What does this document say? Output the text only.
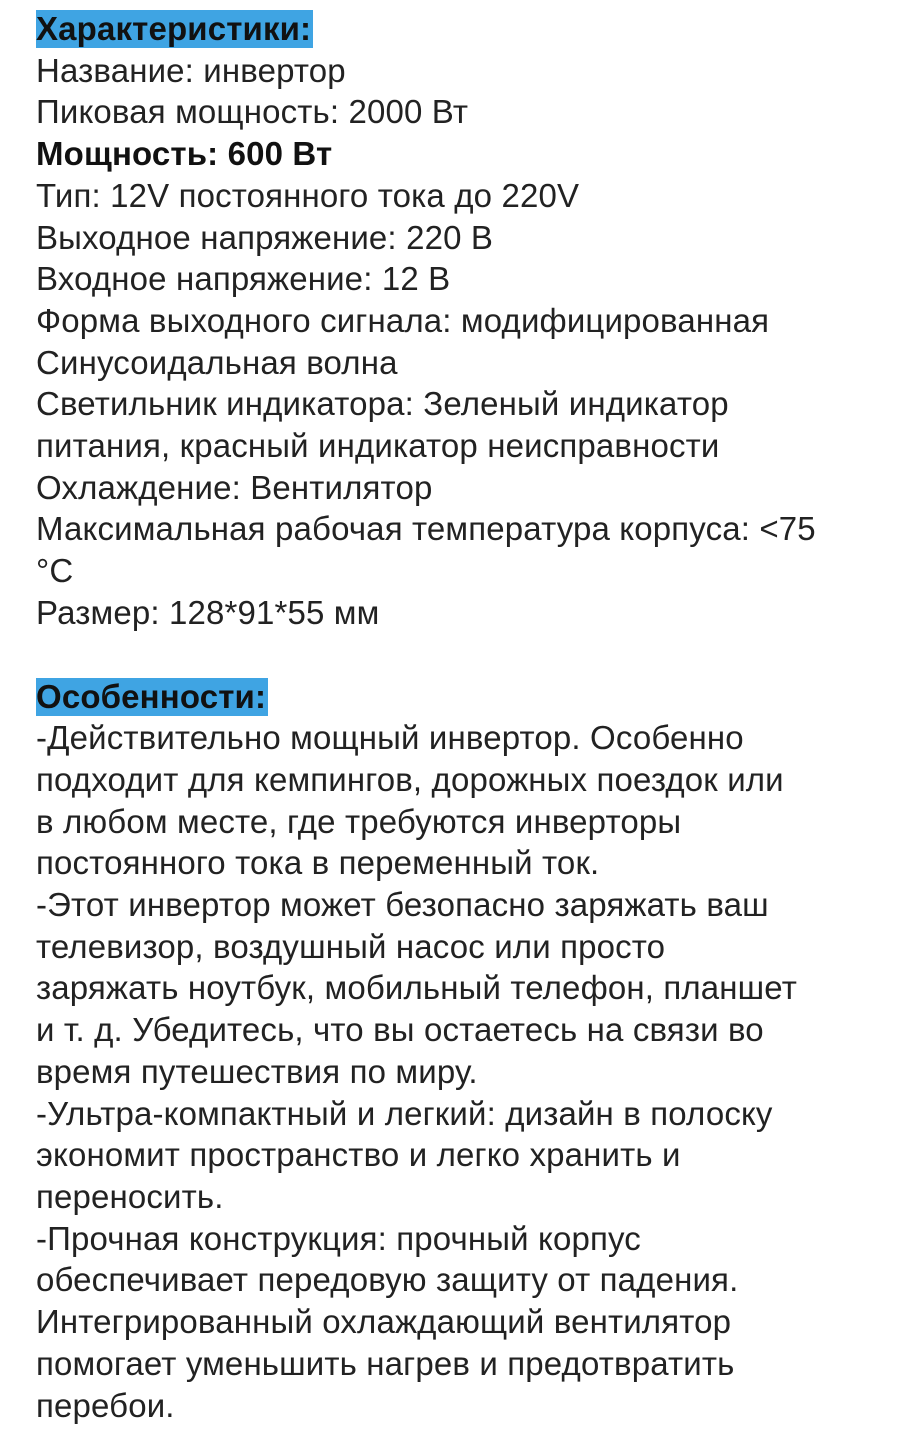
Характеристики:
Название: инвертор
Пиковая мощность: 2000 Вт
Мощность: 600 Вт
Тип: 12V постоянного тока до 220V
Выходное напряжение: 220 В
Входное напряжение: 12 В
Форма выходного сигнала: модифицированная
Синусоидальная волна
Светильник индикатора: Зеленый индикатор
питания, красный индикатор неисправности
Охлаждение: Вентилятор
Максимальная рабочая температура корпуса: <75
°C
Размер: 128*91*55 мм
Особенности:
-Действительно мощный инвертор. Особенно
подходит для кемпингов, дорожных поездок или
в любом месте, где требуются инверторы
постоянного тока в переменный ток.
-Этот инвертор может безопасно заряжать ваш
телевизор, воздушный насос или просто
заряжать ноутбук, мобильный телефон, планшет
и т. д. Убедитесь, что вы остаетесь на связи во
время путешествия по миру.
-Ультра-компактный и легкий: дизайн в полоску
экономит пространство и легко хранить и
переносить.
-Прочная конструкция: прочный корпус
обеспечивает передовую защиту от падения.
Интегрированный охлаждающий вентилятор
помогает уменьшить нагрев и предотвратить
перебои.
